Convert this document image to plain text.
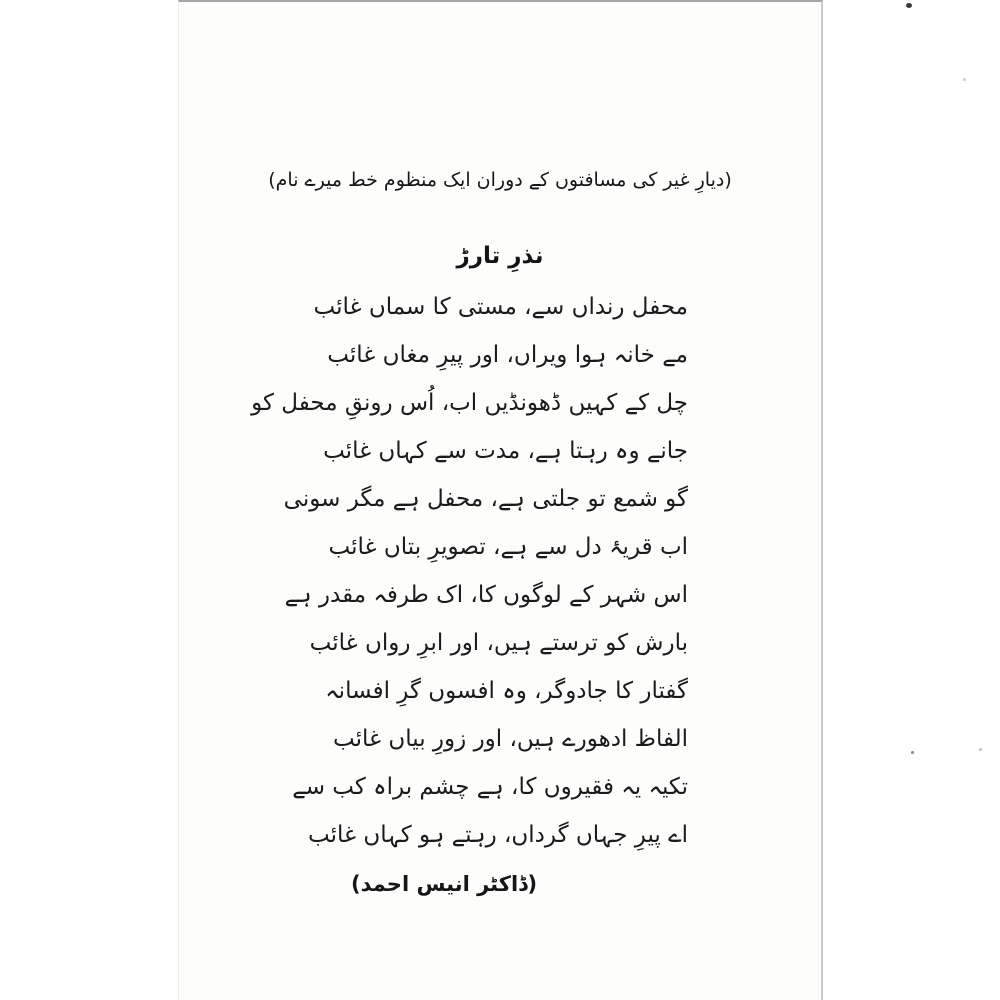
(دیارِ غیر کی مسافتوں کے دوران ایک منظوم خط میرے نام)
نذرِ تارڑ
محفل رنداں سے، مستی کا سماں غائب
مے خانہ ہوا ویراں، اور پیرِ مغاں غائب
چل کے کہیں ڈھونڈیں اب، اُس رونقِ محفل کو
جانے وہ رہتا ہے، مدت سے کہاں غائب
گو شمع تو جلتی ہے، محفل ہے مگر سونی
اب قریۂ دل سے ہے، تصویرِ بتاں غائب
اس شہر کے لوگوں کا، اک طرفہ مقدر ہے
بارش کو ترستے ہیں، اور ابرِ رواں غائب
گفتار کا جادوگر، وہ افسوں گرِ افسانہ
الفاظ ادھورے ہیں، اور زورِ بیاں غائب
تکیہ یہ فقیروں کا، ہے چشم براہ کب سے
اے پیرِ جہاں گرداں، رہتے ہو کہاں غائب
(ڈاکٹر انیس احمد)
